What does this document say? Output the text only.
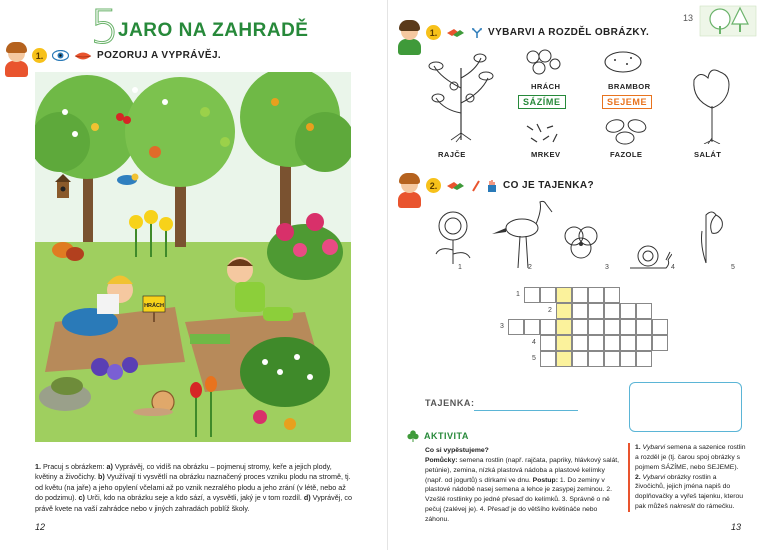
5
JARO NA ZAHRADĚ
1.	POZORUJ A VYPRÁVĚJ.
HRÁCH
1. Pracuj s obrázkem: a) Vyprávěj, co vidíš na obrázku – pojmenuj stromy, keře a jejich plody, květiny a živočichy. b) Využívají ti vysvětlí na obrázku naznačený proces vzniku plodu na stromě, tj. od květu (na jaře) a jeho opylení včelami až po vznik nezralého plodu a jeho zrání (v létě, nebo až do podzimu). c) Urči, kdo na obrázku seje a kdo sází, a vysvětli, jaký je v tom rozdíl. d) Vyprávěj, co právě kvete na vaší zahrádce nebo v jiných zahradách poblíž školy.
12
13
1.	VYBARVI A ROZDĚL OBRÁZKY.
RAJČE
HRÁCH	BRAMBOR
SÁZÍME	SEJEME
MRKEV	FAZOLE	SALÁT
2.	CO JE TAJENKA?
1	2	3	4	5
1
2
3
4
5
TAJENKA:
AKTIVITA
Co si vypěstujeme?
Pomůcky: semena rostlin (např. rajčata, papriky, hlávkový salát, petúnie), zemina, nízká plastová nádoba a plastové kelímky (např. od jogurtů) s dírkami ve dnu. Postup: 1. Do zeminy v plastové nádobě nasej semena a lehce je zasypej zeminou. 2. Vzešlé rostlinky po jedné přesaď do kelímků. 3. Správně o ně pečuj (zalévej je). 4. Přesaď je do většího květináče nebo záhonu.
1. Vybarvi semena a sazenice rostlin a rozděl je (tj. čarou spoj obrázky s pojmem SÁZÍME, nebo SEJEME). 2. Vybarvi obrázky rostlin a živočichů, jejich jména napiš do doplňovačky a vyřeš tajenku, kterou pak můžeš nakreslit do rámečku.
13
